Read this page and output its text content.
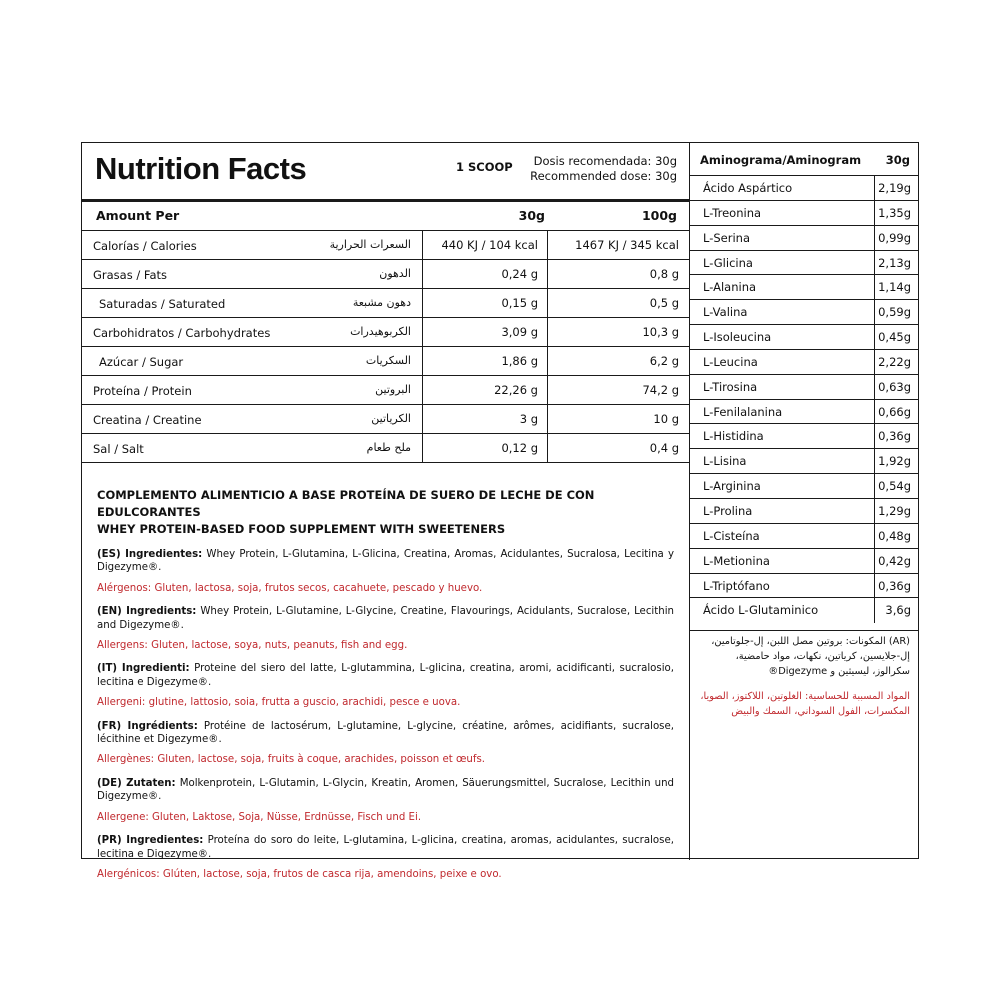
Nutrition Facts	1 SCOOP	Dosis recomendada: 30g
Recommended dose: 30g
Amount Per	30g	100g
Calorías / Calories	السعرات الحرارية	440 KJ / 104 kcal	1467 KJ / 345 kcal
Grasas / Fats	الدهون	0,24 g	0,8 g
Saturadas / Saturated	دهون مشبعة	0,15 g	0,5 g
Carbohidratos / Carbohydrates	الكربوهيدرات	3,09 g	10,3 g
Azúcar / Sugar	السكريات	1,86 g	6,2 g
Proteína / Protein	البروتين	22,26 g	74,2 g
Creatina / Creatine	الكرياتين	3 g	10 g
Sal / Salt	ملح طعام	0,12 g	0,4 g
COMPLEMENTO ALIMENTICIO A BASE PROTEÍNA DE SUERO DE LECHE DE CON EDULCORANTES
WHEY PROTEIN-BASED FOOD SUPPLEMENT WITH SWEETENERS
(ES) Ingredientes: Whey Protein, L-Glutamina, L-Glicina, Creatina, Aromas, Acidulantes, Sucralosa, Lecitina y Digezyme®.
Alérgenos: Gluten, lactosa, soja, frutos secos, cacahuete, pescado y huevo.
(EN) Ingredients: Whey Protein, L-Glutamine, L-Glycine, Creatine, Flavourings, Acidulants, Sucralose, Lecithin and Digezyme®.
Allergens: Gluten, lactose, soya, nuts, peanuts, fish and egg.
(IT) Ingredienti: Proteine del siero del latte, L-glutammina, L-glicina, creatina, aromi, acidificanti, sucralosio, lecitina e Digezyme®.
Allergeni: glutine, lattosio, soia, frutta a guscio, arachidi, pesce e uova.
(FR) Ingrédients: Protéine de lactosérum, L-glutamine, L-glycine, créatine, arômes, acidifiants, sucralose, lécithine et Digezyme®.
Allergènes: Gluten, lactose, soja, fruits à coque, arachides, poisson et œufs.
(DE) Zutaten: Molkenprotein, L-Glutamin, L-Glycin, Kreatin, Aromen, Säuerungsmittel, Sucralose, Lecithin und Digezyme®.
Allergene: Gluten, Laktose, Soja, Nüsse, Erdnüsse, Fisch und Ei.
(PR) Ingredientes: Proteína do soro do leite, L-glutamina, L-glicina, creatina, aromas, acidulantes, sucralose, lecitina e Digezyme®.
Alergénicos: Glúten, lactose, soja, frutos de casca rija, amendoins, peixe e ovo.
Aminograma/Aminogram 30g
Ácido Aspártico	2,19g
L-Treonina	1,35g
L-Serina	0,99g
L-Glicina	2,13g
L-Alanina	1,14g
L-Valina	0,59g
L-Isoleucina	0,45g
L-Leucina	2,22g
L-Tirosina	0,63g
L-Fenilalanina	0,66g
L-Histidina	0,36g
L-Lisina	1,92g
L-Arginina	0,54g
L-Prolina	1,29g
L-Cisteína	0,48g
L-Metionina	0,42g
L-Triptófano	0,36g
Ácido L-Glutaminico	3,6g
(AR) المكونات: بروتين مصل اللبن، إل-جلوتامين، إل-جلايسين، كرياتين، نكهات، مواد حامضية، سكرالوز، ليسيثين و Digezyme®
المواد المسببة للحساسية: الغلوتين، اللاكتوز، الصويا، المكسرات، الفول السوداني، السمك والبيض
